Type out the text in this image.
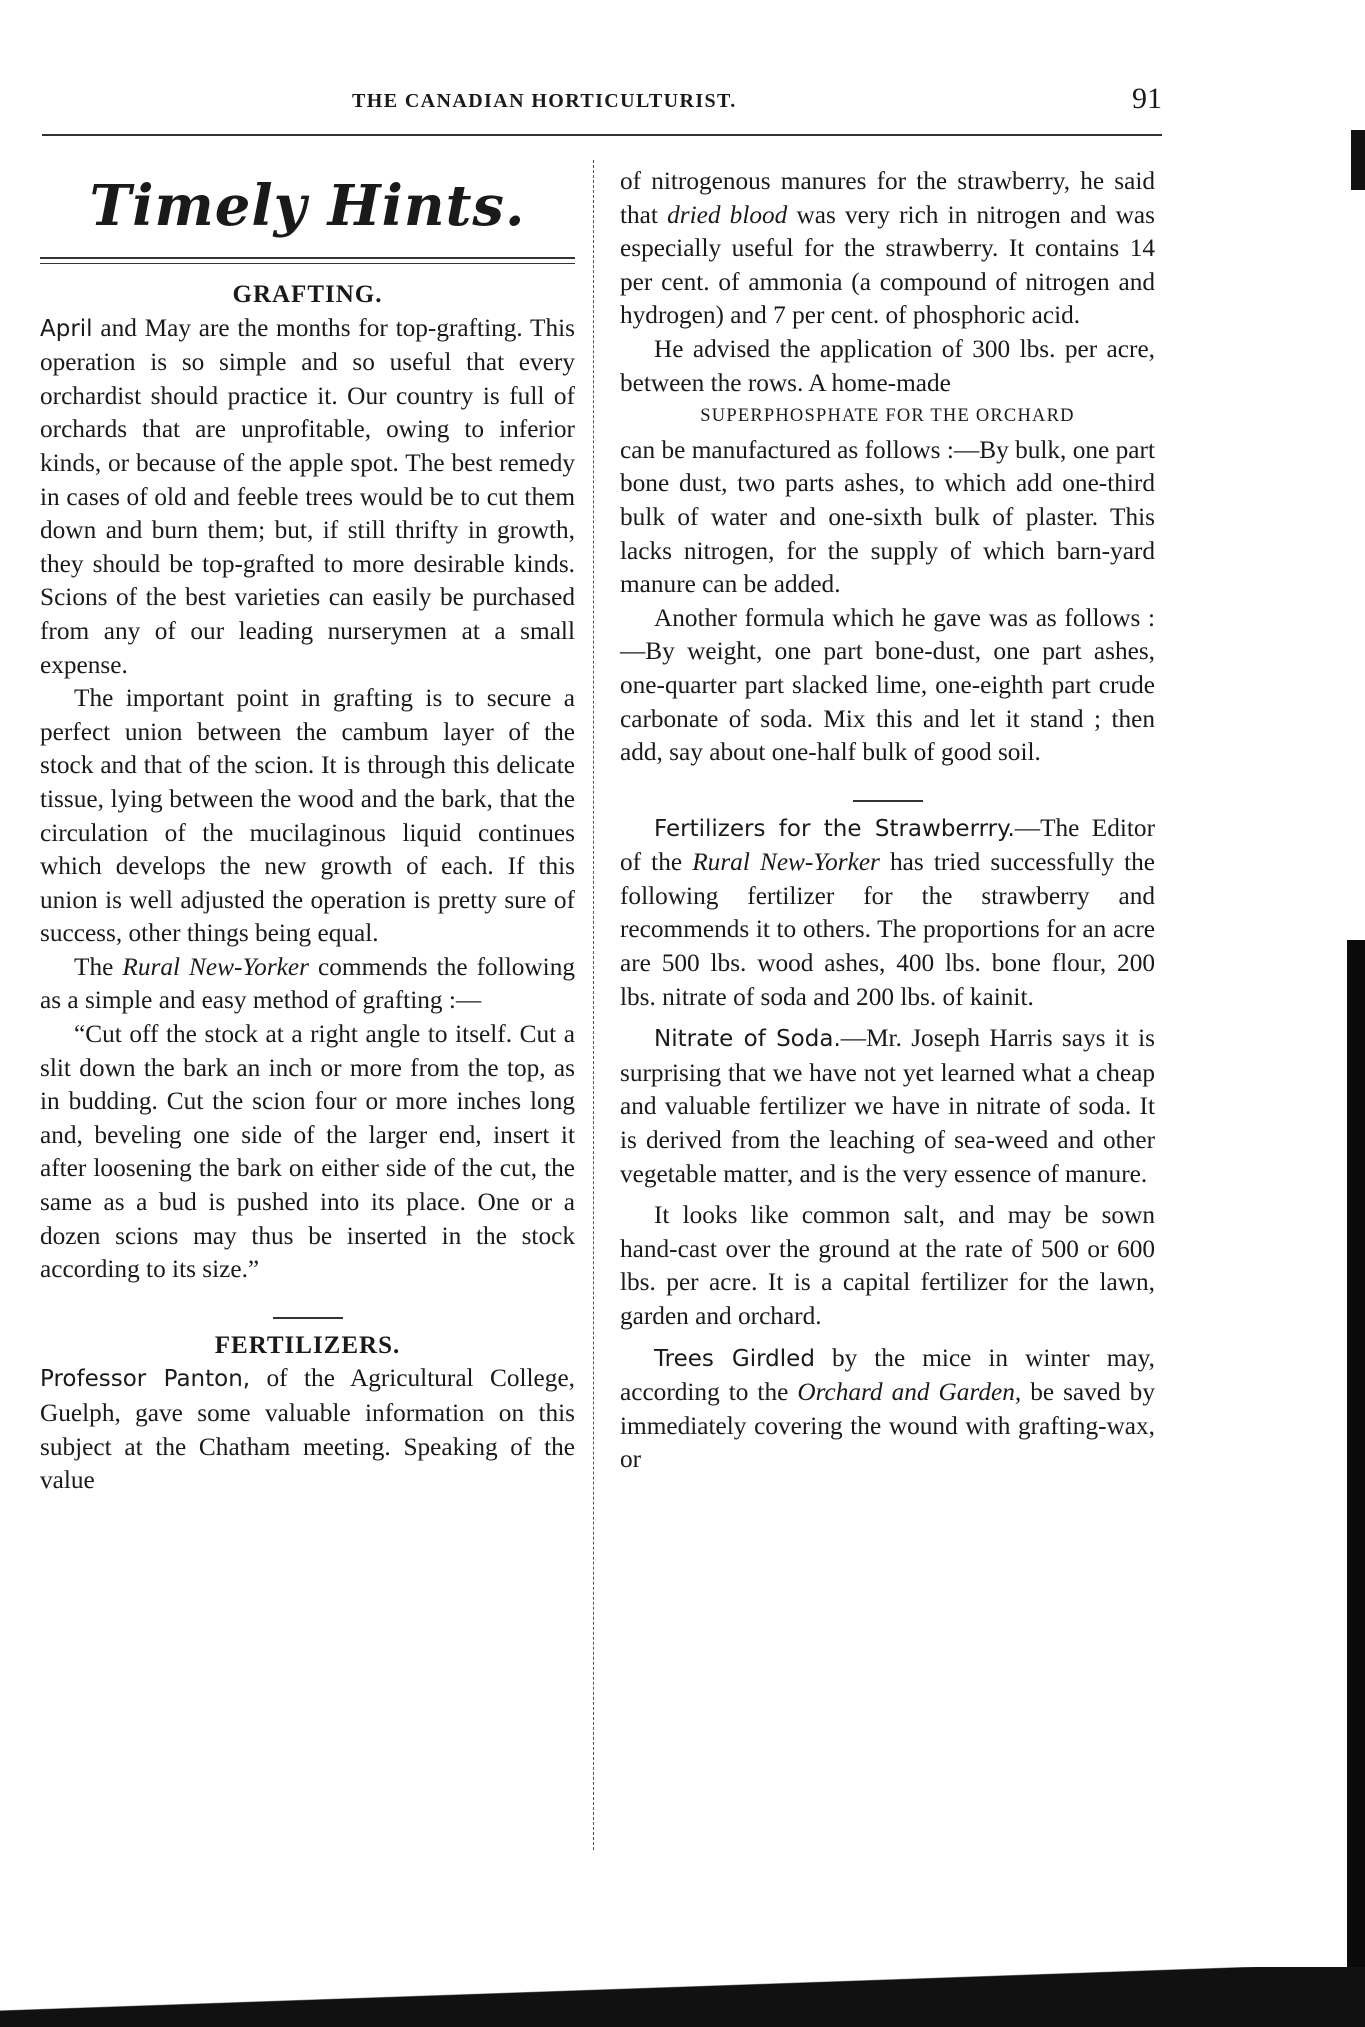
THE CANADIAN HORTICULTURIST.	91
Timely Hints.
GRAFTING.

April and May are the months for top-grafting. This operation is so simple and so useful that every orchardist should practice it. Our country is full of orchards that are unprofitable, owing to inferior kinds, or because of the apple spot. The best remedy in cases of old and feeble trees would be to cut them down and burn them; but, if still thrifty in growth, they should be top-grafted to more desirable kinds. Scions of the best varieties can easily be purchased from any of our leading nurserymen at a small expense.

The important point in grafting is to secure a perfect union between the cambum layer of the stock and that of the scion. It is through this delicate tissue, lying between the wood and the bark, that the circulation of the mucilaginous liquid continues which develops the new growth of each. If this union is well adjusted the operation is pretty sure of success, other things being equal.

The Rural New-Yorker commends the following as a simple and easy method of grafting :—

“Cut off the stock at a right angle to itself. Cut a slit down the bark an inch or more from the top, as in budding. Cut the scion four or more inches long and, beveling one side of the larger end, insert it after loosening the bark on either side of the cut, the same as a bud is pushed into its place. One or a dozen scions may thus be inserted in the stock according to its size.”

FERTILIZERS.

Professor Panton, of the Agricultural College, Guelph, gave some valuable information on this subject at the Chatham meeting. Speaking of the value

of nitrogenous manures for the strawberry, he said that dried blood was very rich in nitrogen and was especially useful for the strawberry. It contains 14 per cent. of ammonia (a compound of nitrogen and hydrogen) and 7 per cent. of phosphoric acid.

He advised the application of 300 lbs. per acre, between the rows. A home-made

SUPERPHOSPHATE FOR THE ORCHARD

can be manufactured as follows :—By bulk, one part bone dust, two parts ashes, to which add one-third bulk of water and one-sixth bulk of plaster. This lacks nitrogen, for the supply of which barn-yard manure can be added.

Another formula which he gave was as follows :—By weight, one part bone-dust, one part ashes, one-quarter part slacked lime, one-eighth part crude carbonate of soda. Mix this and let it stand ; then add, say about one-half bulk of good soil.

Fertilizers for the Strawberrry.—The Editor of the Rural New-Yorker has tried successfully the following fertilizer for the strawberry and recommends it to others. The proportions for an acre are 500 lbs. wood ashes, 400 lbs. bone flour, 200 lbs. nitrate of soda and 200 lbs. of kainit.

Nitrate of Soda.—Mr. Joseph Harris says it is surprising that we have not yet learned what a cheap and valuable fertilizer we have in nitrate of soda. It is derived from the leaching of sea-weed and other vegetable matter, and is the very essence of manure.

It looks like common salt, and may be sown hand-cast over the ground at the rate of 500 or 600 lbs. per acre. It is a capital fertilizer for the lawn, garden and orchard.

Trees Girdled by the mice in winter may, according to the Orchard and Garden, be saved by immediately covering the wound with grafting-wax, or
